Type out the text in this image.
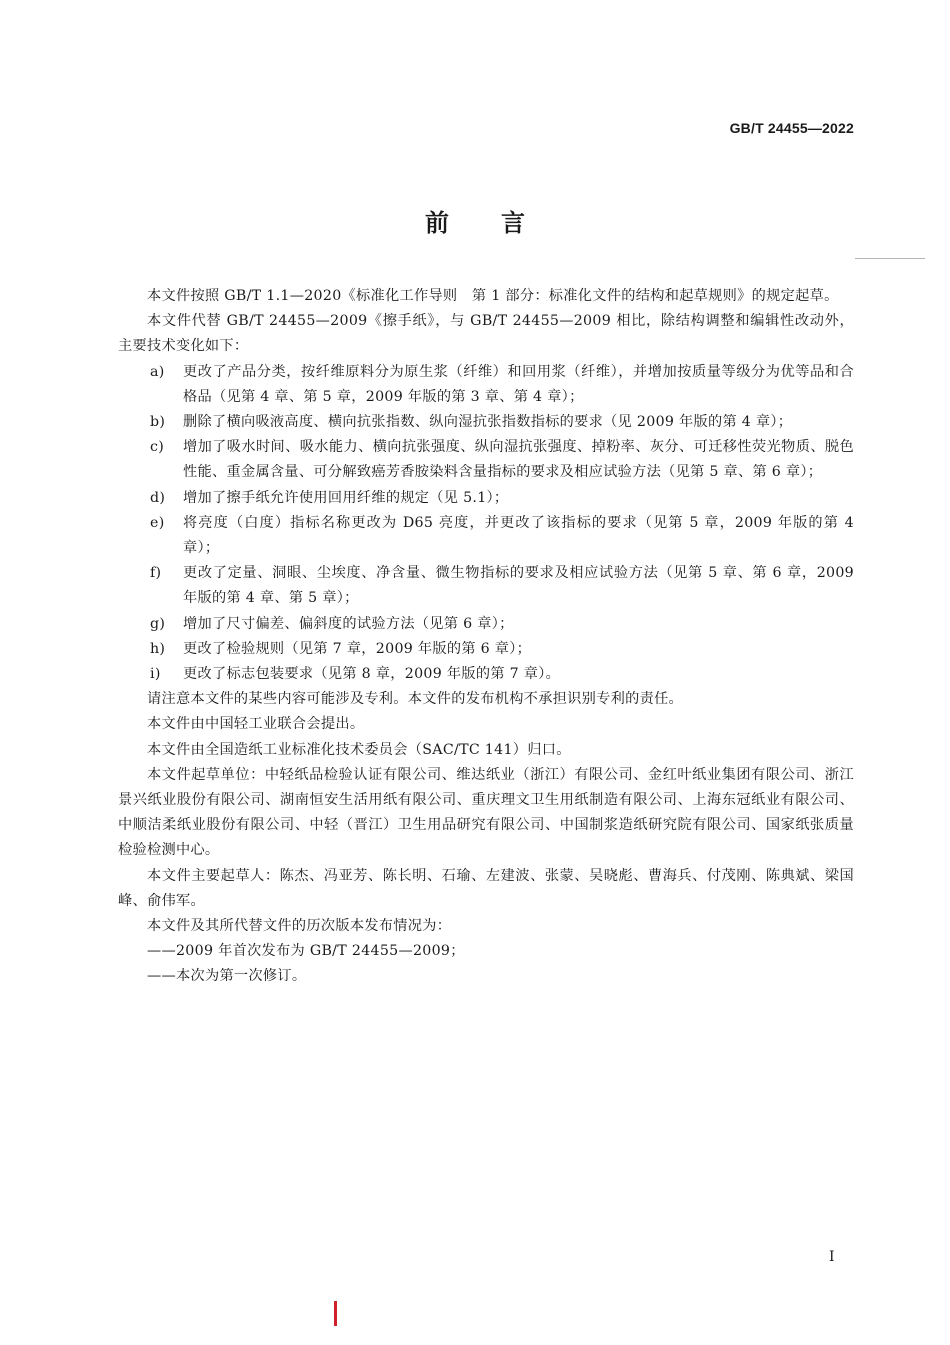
GB/T 24455—2022
前言
本文件按照 GB/T 1.1—2020《标准化工作导则　第 1 部分：标准化文件的结构和起草规则》的规定起草。
本文件代替 GB/T 24455—2009《擦手纸》，与 GB/T 24455—2009 相比，除结构调整和编辑性改动外，主要技术变化如下：
a) 更改了产品分类，按纤维原料分为原生浆（纤维）和回用浆（纤维），并增加按质量等级分为优等品和合格品（见第 4 章、第 5 章，2009 年版的第 3 章、第 4 章）；
b) 删除了横向吸液高度、横向抗张指数、纵向湿抗张指数指标的要求（见 2009 年版的第 4 章）；
c) 增加了吸水时间、吸水能力、横向抗张强度、纵向湿抗张强度、掉粉率、灰分、可迁移性荧光物质、脱色性能、重金属含量、可分解致癌芳香胺染料含量指标的要求及相应试验方法（见第 5 章、第 6 章）；
d) 增加了擦手纸允许使用回用纤维的规定（见 5.1）；
e) 将亮度（白度）指标名称更改为 D65 亮度，并更改了该指标的要求（见第 5 章，2009 年版的第 4 章）；
f) 更改了定量、洞眼、尘埃度、净含量、微生物指标的要求及相应试验方法（见第 5 章、第 6 章，2009 年版的第 4 章、第 5 章）；
g) 增加了尺寸偏差、偏斜度的试验方法（见第 6 章）；
h) 更改了检验规则（见第 7 章，2009 年版的第 6 章）；
i) 更改了标志包装要求（见第 8 章，2009 年版的第 7 章）。
请注意本文件的某些内容可能涉及专利。本文件的发布机构不承担识别专利的责任。
本文件由中国轻工业联合会提出。
本文件由全国造纸工业标准化技术委员会（SAC/TC 141）归口。
本文件起草单位：中轻纸品检验认证有限公司、维达纸业（浙江）有限公司、金红叶纸业集团有限公司、浙江景兴纸业股份有限公司、湖南恒安生活用纸有限公司、重庆理文卫生用纸制造有限公司、上海东冠纸业有限公司、中顺洁柔纸业股份有限公司、中轻（晋江）卫生用品研究有限公司、中国制浆造纸研究院有限公司、国家纸张质量检验检测中心。
本文件主要起草人：陈杰、冯亚芳、陈长明、石瑜、左建波、张蒙、吴晓彪、曹海兵、付茂刚、陈典斌、梁国峰、俞伟军。
本文件及其所代替文件的历次版本发布情况为：
——2009 年首次发布为 GB/T 24455—2009；
——本次为第一次修订。
I
